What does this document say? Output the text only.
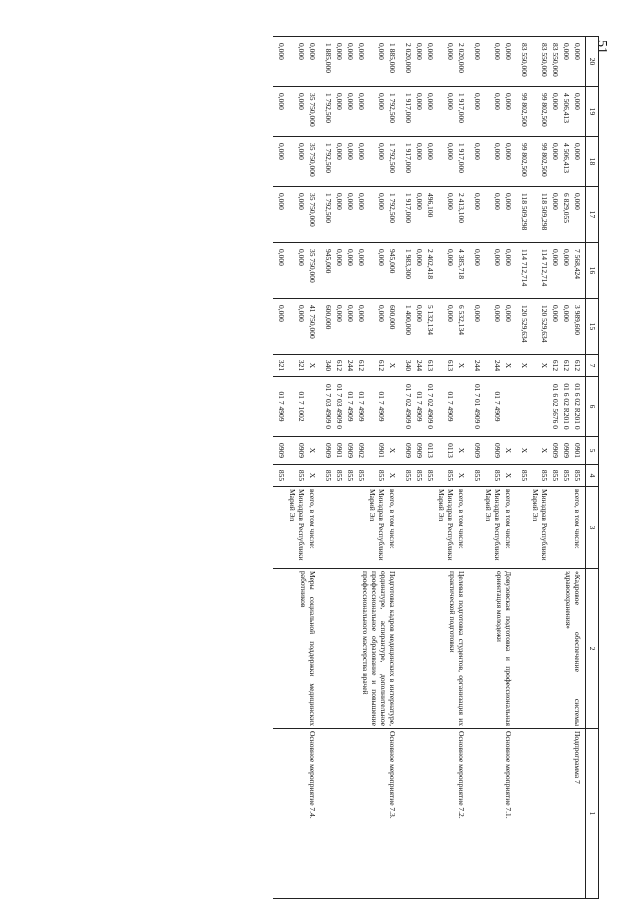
51
20	19	18	17	16	15	7	6	5	4	3	2	1
0,000	0,000	0,000	0,000	7 568,424	3 989,600	612	01 6 02 R201 0	0901	855	всего, в том числе:	«Кадровое обеспечение системы здравоохранения»	Подпрограмма 7
0,000	4 506,413	4 506,413	6 829,055	0,000	0,000	612	01 6 02 R201 0	0909	855			
83 550,000	0,000	0,000	0,000	0,000	0,000	612	01 6 02 5676 0	0909	855			
83 550,000	99 802,500	99 802,500	118 509,298	114 712,714	120 529,634	X		X	855	Минздрав Республики Марий Эл		
83 550,000	99 802,500	99 802,500	118 509,298	114 712,714	120 529,634	X		X	855			
0,000	0,000	0,000	0,000	0,000	0,000	X		X	X	всего, в том числе:	Довузовская подготовка и профессиональная ориентация молодежи	Основное мероприятие 7.1.
0,000	0,000	0,000	0,000	0,000	0,000	244	01 7 4909	0909	855	Минздрав Республики Марий Эл		
0,000	0,000	0,000	0,000	0,000	0,000	244	01 7 01 4909 0	0909	855			
2 020,000	1 917,000	1 917,000	2 413,100	4 385,718	6 532,134	X		X	X	всего, в том числе:	Целевая подготовка студентов, организация их практической подготовки	Основное мероприятие 7.2.
0,000	0,000	0,000	0,000	0,000	0,000	613	01 7 4909	0113	855	Минздрав Республики Марий Эл		
0,000	0,000	0,000	496,100	2 402,418	5 132,134	613	01 7 02 4909 0	0113	855			
0,000	0,000	0,000	0,000	0,000	0,000	244	01 7 4909	0909	855			
2 020,000	1 917,000	1 917,000	1 917,000	1 983,300	1 400,000	340	01 7 02 4909 0	0909	855			
1 885,000	1 792,500	1 792,500	1 792,500	945,000	600,000	X		X	X	всего, в том числе:	Подготовка кадров медицинских в интернатуре, ординатуре, аспирантуре, дополнительное профессиональное образование и повышение профессионального мастерства врачей	Основное мероприятие 7.3.
0,000	0,000	0,000	0,000	0,000	0,000	612	01 7 4909	0901	855	Минздрав Республики Марий Эл		
0,000	0,000	0,000	0,000	0,000	0,000	612	01 7 4909	0902	855			
0,000	0,000	0,000	0,000	0,000	0,000	244	01 7 4909	0909	855			
0,000	0,000	0,000	0,000	0,000	0,000	612	01 7 03 4909 0	0901	855			
1 885,000	1 792,500	1 792,500	1 792,500	945,000	600,000	340	01 7 03 4909 0	0909	855			
0,000	35 750,000	35 750,000	35 750,000	35 750,000	41 750,000	X		X	X	всего, в том числе:	Меры социальной поддержки медицинских работников	Основное мероприятие 7.4.
0,000	0,000	0,000	0,000	0,000	0,000	321	01 7 1002	0909	855	Минздрав Республики Марий Эл		
0,000	0,000	0,000	0,000	0,000	0,000	321	01 7 4909	0909	855			
